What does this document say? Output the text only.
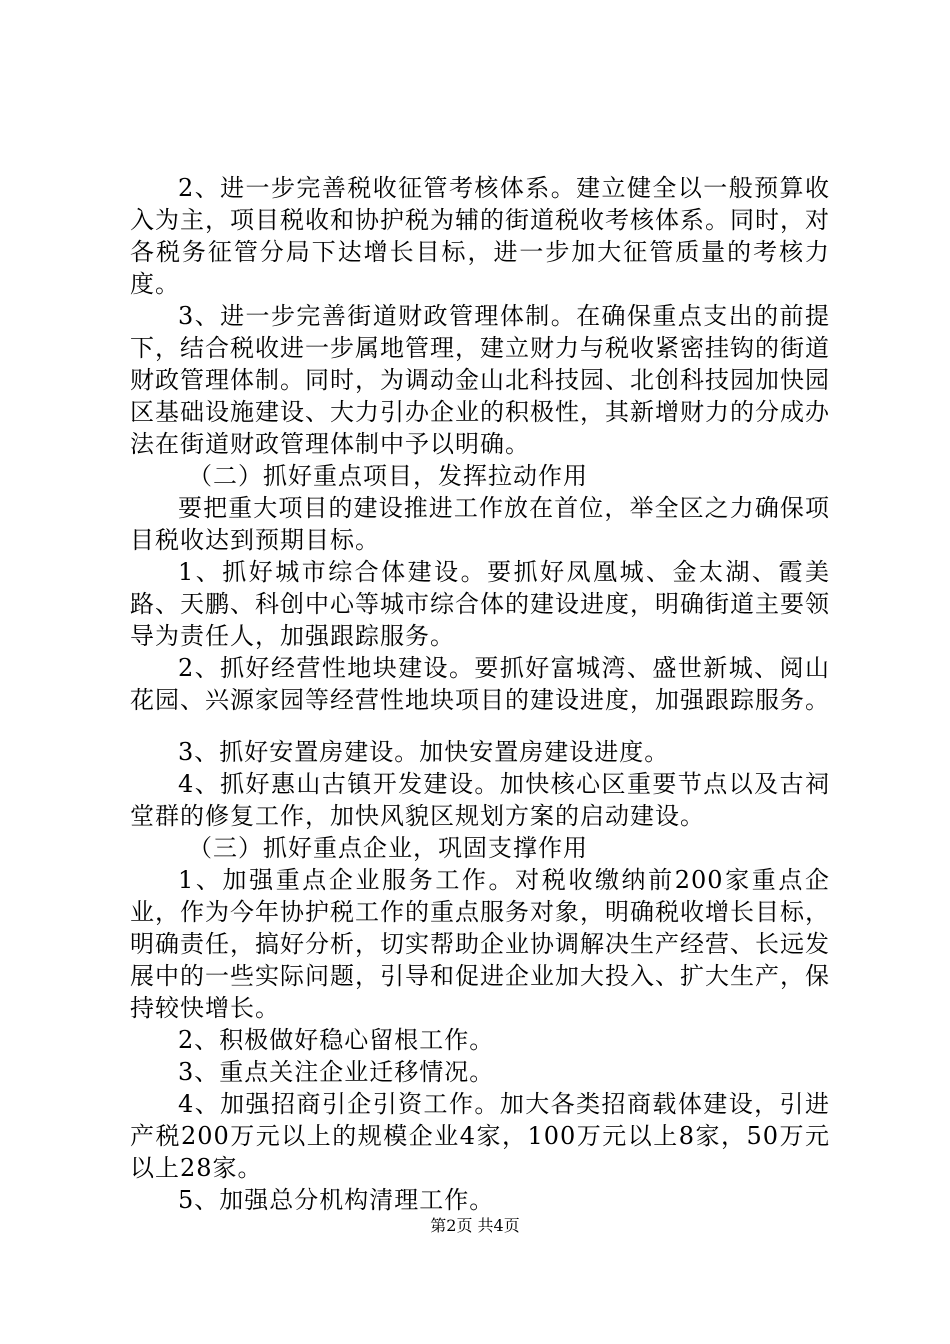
2、进一步完善税收征管考核体系。建立健全以一般预算收入为主，项目税收和协护税为辅的街道税收考核体系。同时，对各税务征管分局下达增长目标，进一步加大征管质量的考核力度。

3、进一步完善街道财政管理体制。在确保重点支出的前提下，结合税收进一步属地管理，建立财力与税收紧密挂钩的街道财政管理体制。同时，为调动金山北科技园、北创科技园加快园区基础设施建设、大力引办企业的积极性，其新增财力的分成办法在街道财政管理体制中予以明确。

（二）抓好重点项目，发挥拉动作用

要把重大项目的建设推进工作放在首位，举全区之力确保项目税收达到预期目标。

1、抓好城市综合体建设。要抓好凤凰城、金太湖、霞美路、天鹏、科创中心等城市综合体的建设进度，明确街道主要领导为责任人，加强跟踪服务。

2、抓好经营性地块建设。要抓好富城湾、盛世新城、阅山花园、兴源家园等经营性地块项目的建设进度，加强跟踪服务。

3、抓好安置房建设。加快安置房建设进度。

4、抓好惠山古镇开发建设。加快核心区重要节点以及古祠堂群的修复工作，加快风貌区规划方案的启动建设。

（三）抓好重点企业，巩固支撑作用

1、加强重点企业服务工作。对税收缴纳前200家重点企业，作为今年协护税工作的重点服务对象，明确税收增长目标，明确责任，搞好分析，切实帮助企业协调解决生产经营、长远发展中的一些实际问题，引导和促进企业加大投入、扩大生产，保持较快增长。

2、积极做好稳心留根工作。

3、重点关注企业迁移情况。

4、加强招商引企引资工作。加大各类招商载体建设，引进产税200万元以上的规模企业4家，100万元以上8家，50万元以上28家。

5、加强总分机构清理工作。

第2页 共4页
